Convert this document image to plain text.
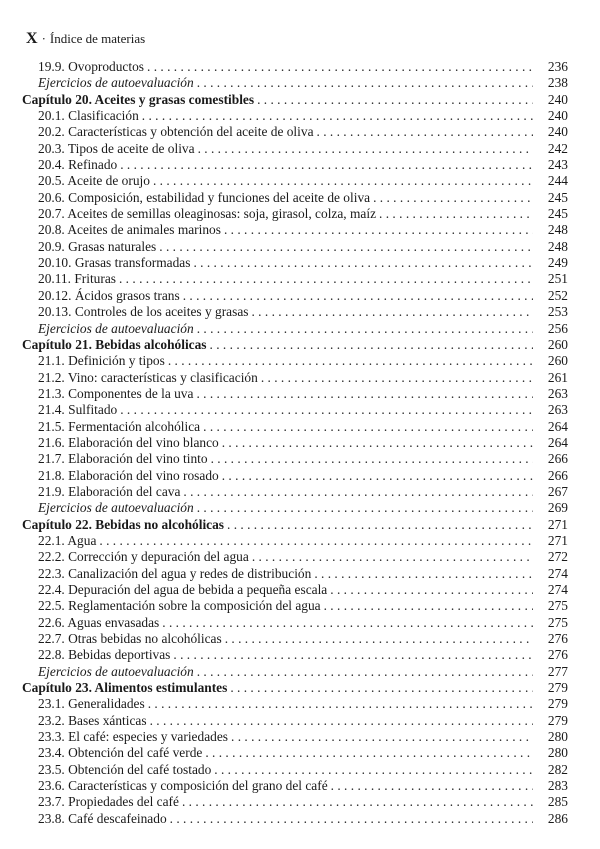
X · Índice de materias
19.9. Ovoproductos . . .	236
Ejercicios de autoevaluación . . .	238
Capítulo 20. Aceites y grasas comestibles . . .	240
20.1. Clasificación . . .	240
20.2. Características y obtención del aceite de oliva . . .	240
20.3. Tipos de aceite de oliva . . .	242
20.4. Refinado . . .	243
20.5. Aceite de orujo . . .	244
20.6. Composición, estabilidad y funciones del aceite de oliva . . .	245
20.7. Aceites de semillas oleaginosas: soja, girasol, colza, maíz . . .	245
20.8. Aceites de animales marinos . . .	248
20.9. Grasas naturales . . .	248
20.10. Grasas transformadas . . .	249
20.11. Frituras . . .	251
20.12. Ácidos grasos trans . . .	252
20.13. Controles de los aceites y grasas . . .	253
Ejercicios de autoevaluación . . .	256
Capítulo 21. Bebidas alcohólicas . . .	260
21.1. Definición y tipos . . .	260
21.2. Vino: características y clasificación . . .	261
21.3. Componentes de la uva . . .	263
21.4. Sulfitado . . .	263
21.5. Fermentación alcohólica . . .	264
21.6. Elaboración del vino blanco . . .	264
21.7. Elaboración del vino tinto . . .	266
21.8. Elaboración del vino rosado . . .	266
21.9. Elaboración del cava . . .	267
Ejercicios de autoevaluación . . .	269
Capítulo 22. Bebidas no alcohólicas . . .	271
22.1. Agua . . .	271
22.2. Corrección y depuración del agua . . .	272
22.3. Canalización del agua y redes de distribución . . .	274
22.4. Depuración del agua de bebida a pequeña escala . . .	274
22.5. Reglamentación sobre la composición del agua . . .	275
22.6. Aguas envasadas . . .	275
22.7. Otras bebidas no alcohólicas . . .	276
22.8. Bebidas deportivas . . .	276
Ejercicios de autoevaluación . . .	277
Capítulo 23. Alimentos estimulantes . . .	279
23.1. Generalidades . . .	279
23.2. Bases xánticas . . .	279
23.3. El café: especies y variedades . . .	280
23.4. Obtención del café verde . . .	280
23.5. Obtención del café tostado . . .	282
23.6. Características y composición del grano del café . . .	283
23.7. Propiedades del café . . .	285
23.8. Café descafeinado . . .	286
